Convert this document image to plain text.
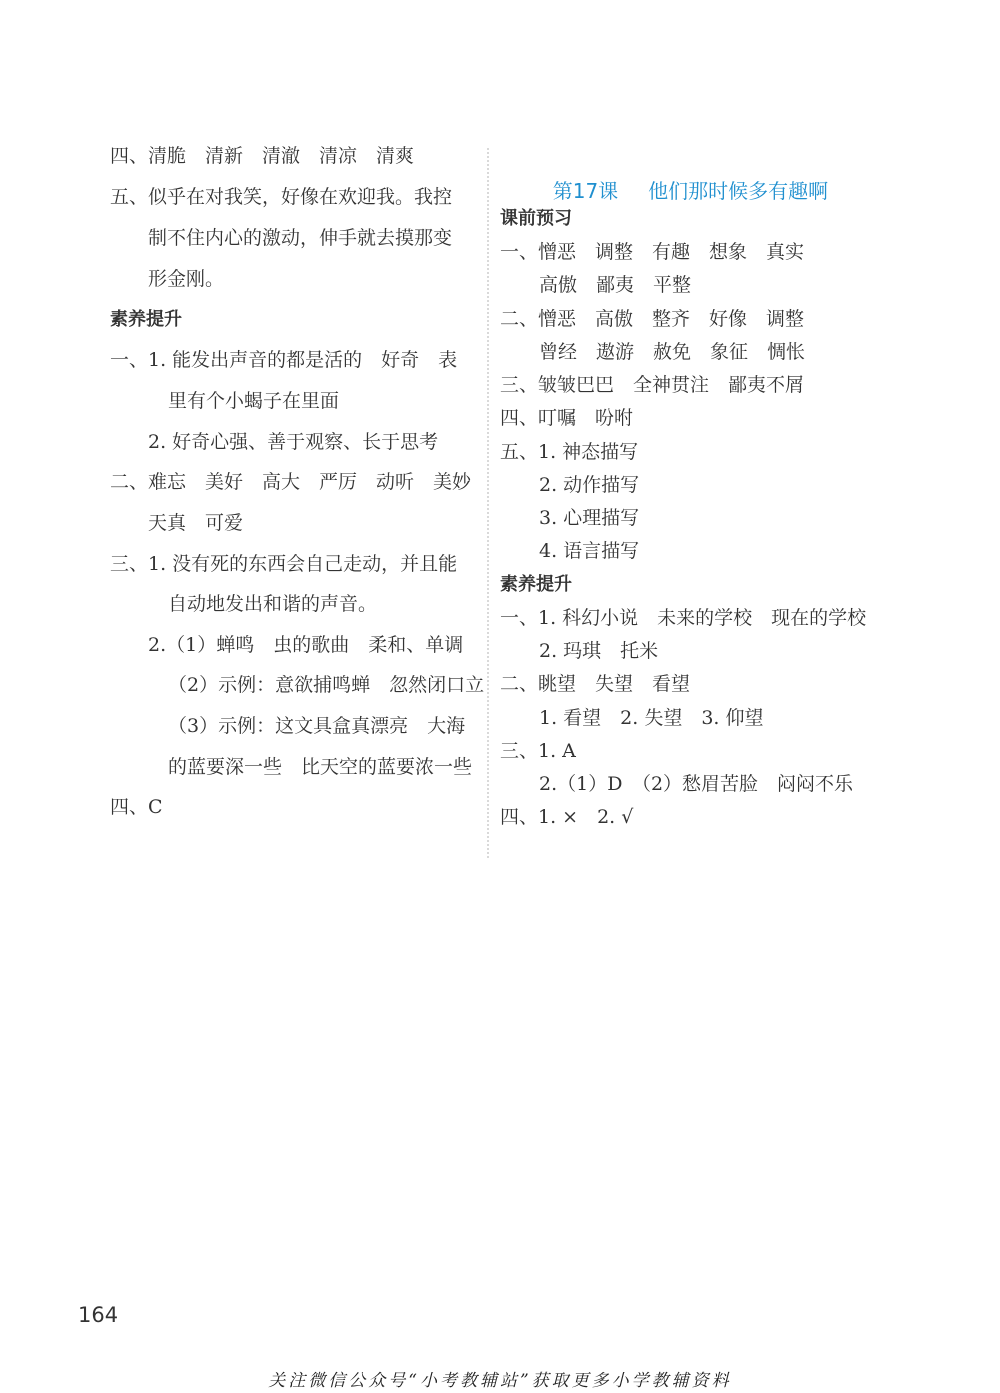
四、清脆　清新　清澈　清凉　清爽
五、似乎在对我笑，好像在欢迎我。我控
制不住内心的激动，伸手就去摸那变
形金刚。
素养提升
一、1. 能发出声音的都是活的　好奇　表
里有个小蝎子在里面
2. 好奇心强、善于观察、长于思考
二、难忘　美好　高大　严厉　动听　美妙
天真　可爱
三、1. 没有死的东西会自己走动，并且能
自动地发出和谐的声音。
2.（1）蝉鸣　虫的歌曲　柔和、单调
（2）示例：意欲捕鸣蝉　忽然闭口立
（3）示例：这文具盒真漂亮　大海
的蓝要深一些　比天空的蓝要浓一些
四、C

第17课 他们那时候多有趣啊

课前预习
一、憎恶　调整　有趣　想象　真实
高傲　鄙夷　平整
二、憎恶　高傲　整齐　好像　调整
曾经　遨游　赦免　象征　惆怅
三、皱皱巴巴　全神贯注　鄙夷不屑
四、叮嘱　吩咐
五、1. 神态描写
2. 动作描写
3. 心理描写
4. 语言描写
素养提升
一、1. 科幻小说　未来的学校　现在的学校
2. 玛琪　托米
二、眺望　失望　看望
1. 看望　2. 失望　3. 仰望
三、1. A
2.（1）D　（2）愁眉苦脸　闷闷不乐
四、1. ×　2. √
164
关注微信公众号“小考教辅站”获取更多小学教辅资料
